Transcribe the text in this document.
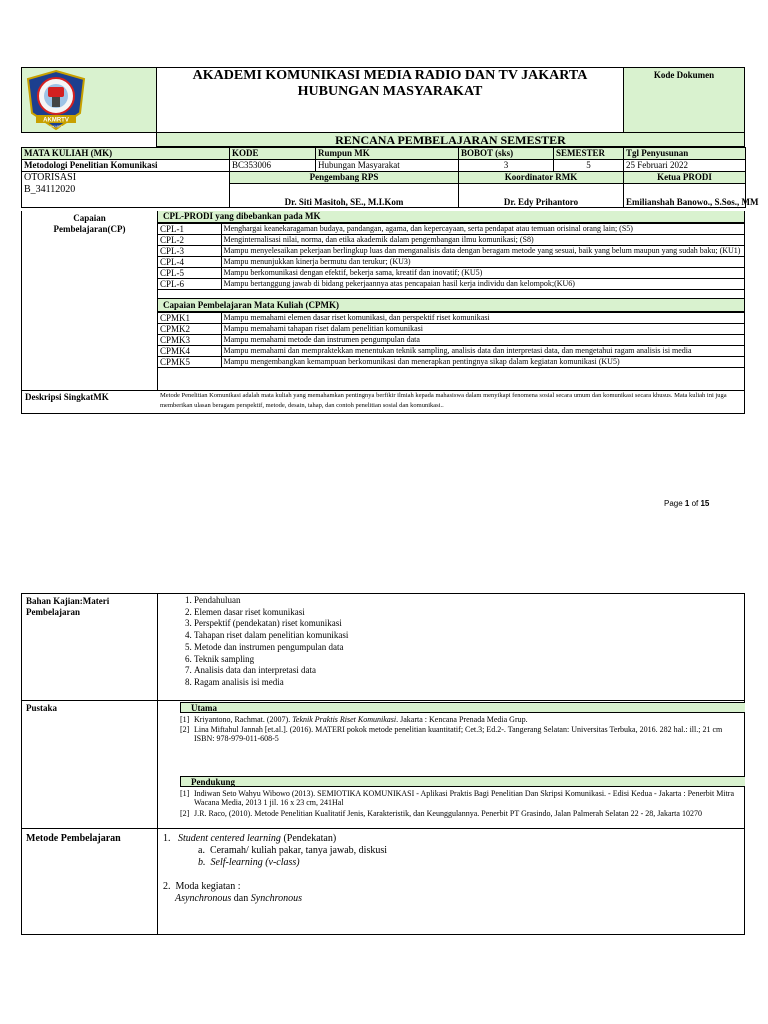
AKMRTV
JAKARTA
AKADEMI KOMUNIKASI MEDIA RADIO DAN TV JAKARTA
HUBUNGAN MASYARAKAT
Kode Dokumen
RENCANA PEMBELAJARAN SEMESTER
MATA KULIAH (MK)	KODE	Rumpun MK	BOBOT (sks)	SEMESTER	Tgl Penyusunan
Metodologi Penelitian Komunikasi	BC353006	Hubungan Masyarakat	3	5	25 Februari 2022

OTORISASI
B_34112020	Pengembang RPS		Koordinator RMK		Ketua PRODI
	Dr. Siti Masitoh, SE., M.I.Kom		Dr. Edy Prihantoro		Emilianshah Banowo., S.Sos., MM
Capaian Pembelajaran(CP)
CPL-PRODI yang dibebankan pada MK
CPL-1	Menghargai keanekaragaman budaya, pandangan, agama, dan kepercayaan, serta pendapat atau temuan orisinal orang lain; (S5)
CPL-2	Menginternalisasi nilai, norma, dan etika akademik dalam pengembangan ilmu komunikasi; (S8)
CPL-3	Mampu menyelesaikan pekerjaan berlingkup luas dan menganalisis data dengan beragam metode yang sesuai, baik yang belum maupun yang sudah baku; (KU1)
CPL-4	Mampu menunjukkan kinerja bermutu dan terukur; (KU3)
CPL-5	Mampu berkomunikasi dengan efektif, bekerja sama, kreatif dan inovatif; (KU5)
CPL-6	Mampu bertanggung jawab di bidang pekerjaannya atas pencapaian hasil kerja individu dan kelompok;(KU6)
Capaian Pembelajaran Mata Kuliah (CPMK)
CPMK1	Mampu memahami elemen dasar riset komunikasi, dan perspektif riset komunikasi
CPMK2	Mampu memahami tahapan riset dalam penelitian komunikasi
CPMK3	Mampu memahami metode dan instrumen pengumpulan data
CPMK4	Mampu memahami dan mempraktekkan menentukan teknik sampling, analisis data dan interpretasi data, dan mengetahui ragam analisis isi media
CPMK5	Mampu mengembangkan kemampuan berkomunikasi dan menerapkan pentingnya sikap dalam kegiatan komunikasi (KU5)
Deskripsi SingkatMK	Metode Penelitian Komunikasi adalah mata kuliah yang memahamkan pentingnya berfikir ilmiah kepada mahasiswa dalam menyikapi fenomena sosial secara umum dan komunikasi secara khusus. Mata kuliah ini juga memberikan ulasan beragam perspektif, metode, desain, tahap, dan contoh penelitian sosial dan komunikasi..
Page 1 of 15
Bahan Kajian:Materi Pembelajaran
1. Pendahuluan
2. Elemen dasar riset komunikasi
3. Perspektif (pendekatan) riset komunikasi
4. Tahapan riset dalam penelitian komunikasi
5. Metode dan instrumen pengumpulan data
6. Teknik sampling
7. Analisis data dan interpretasi data
8. Ragam analisis isi media
Pustaka	Utama
[1] Kriyantono, Rachmat. (2007). Teknik Praktis Riset Komunikasi. Jakarta : Kencana Prenada Media Grup.
[2] Lina Miftahul Jannah [et.al.]. (2016). MATERI pokok metode penelitian kuantitatif; Cet.3; Ed.2-. Tangerang Selatan: Universitas Terbuka, 2016. 282 hal.: ill.; 21 cm ISBN: 978-979-011-608-5
Pendukung
[1] Indiwan Seto Wahyu Wibowo (2013). SEMIOTIKA KOMUNIKASI - Aplikasi Praktis Bagi Penelitian Dan Skripsi Komunikasi. - Edisi Kedua - Jakarta : Penerbit Mitra Wacana Media, 2013 1 jil. 16 x 23 cm, 241Hal
[2] J.R. Raco, (2010). Metode Penelitian Kualitatif Jenis, Karakteristik, dan Keunggulannya. Penerbit PT Grasindo, Jalan Palmerah Selatan 22 - 28, Jakarta 10270
Metode Pembelajaran	1. Student centered learning (Pendekatan)
a. Ceramah/ kuliah pakar, tanya jawab, diskusi
b. Self-learning (v-class)
2. Moda kegiatan :
Asynchronous dan Synchronous
